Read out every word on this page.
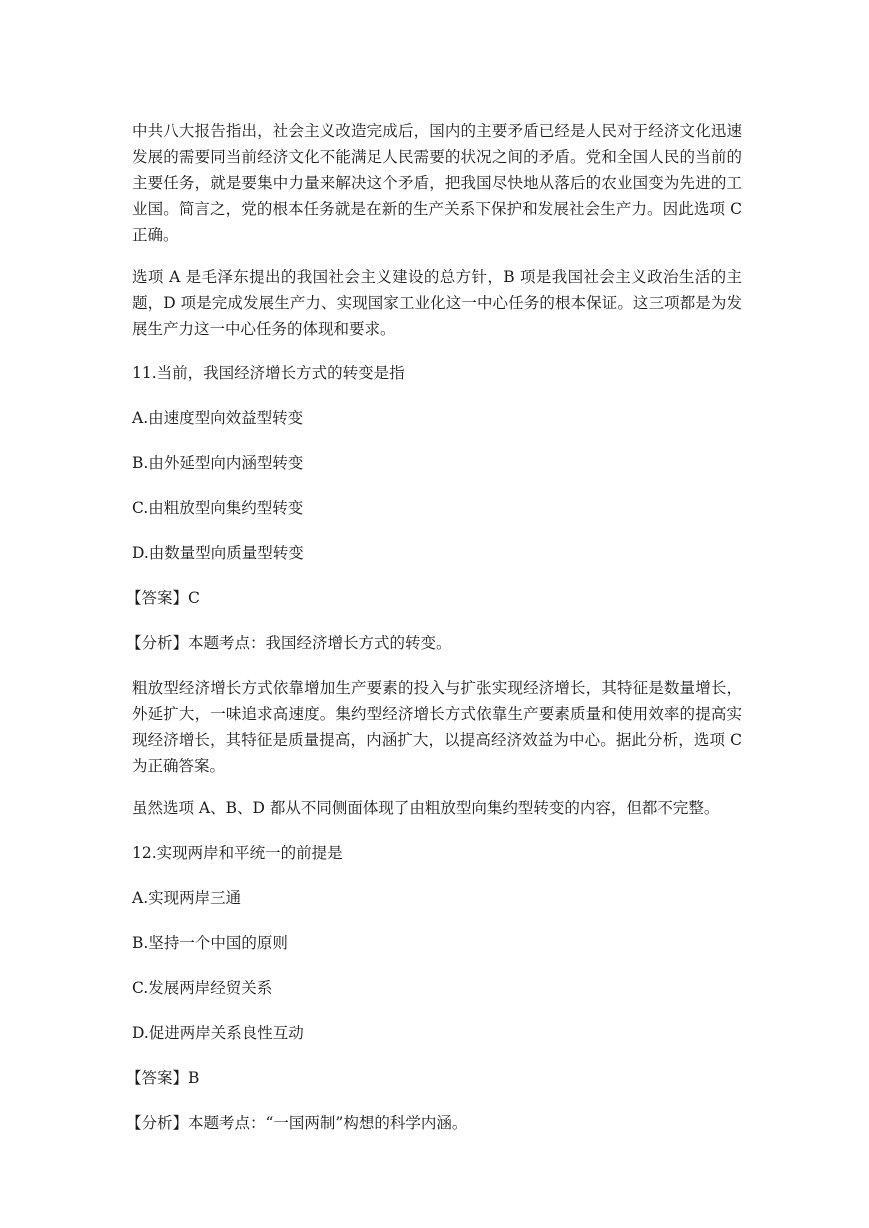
中共八大报告指出，社会主义改造完成后，国内的主要矛盾已经是人民对于经济文化迅速发展的需要同当前经济文化不能满足人民需要的状况之间的矛盾。党和全国人民的当前的主要任务，就是要集中力量来解决这个矛盾，把我国尽快地从落后的农业国变为先进的工业国。简言之，党的根本任务就是在新的生产关系下保护和发展社会生产力。因此选项 C 正确。

选项 A 是毛泽东提出的我国社会主义建设的总方针，B 项是我国社会主义政治生活的主题，D 项是完成发展生产力、实现国家工业化这一中心任务的根本保证。这三项都是为发展生产力这一中心任务的体现和要求。

11.当前，我国经济增长方式的转变是指

A.由速度型向效益型转变

B.由外延型向内涵型转变

C.由粗放型向集约型转变

D.由数量型向质量型转变

【答案】C

【分析】本题考点：我国经济增长方式的转变。

粗放型经济增长方式依靠增加生产要素的投入与扩张实现经济增长，其特征是数量增长，外延扩大，一味追求高速度。集约型经济增长方式依靠生产要素质量和使用效率的提高实现经济增长，其特征是质量提高，内涵扩大，以提高经济效益为中心。据此分析，选项 C 为正确答案。

虽然选项 A、B、D 都从不同侧面体现了由粗放型向集约型转变的内容，但都不完整。

12.实现两岸和平统一的前提是

A.实现两岸三通

B.坚持一个中国的原则

C.发展两岸经贸关系

D.促进两岸关系良性互动

【答案】B

【分析】本题考点：“一国两制”构想的科学内涵。
